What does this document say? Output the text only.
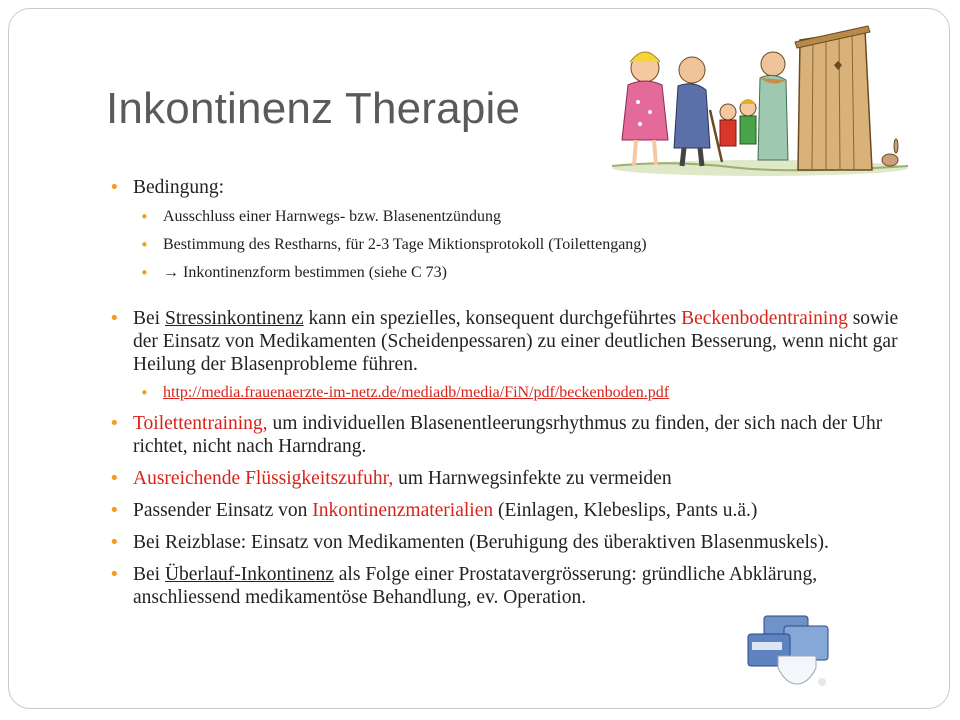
Inkontinenz Therapie
• Bedingung:
• Ausschluss einer Harnwegs- bzw. Blasenentzündung
• Bestimmung des Restharns, für 2-3 Tage Miktionsprotokoll (Toilettengang)
• → Inkontinenzform bestimmen (siehe C 73)
• Bei Stressinkontinenz kann ein spezielles, konsequent durchgeführtes Beckenbodentraining sowie der Einsatz von Medikamenten (Scheidenpessaren) zu einer deutlichen Besserung, wenn nicht gar Heilung der Blasenprobleme führen.
• http://media.frauenaerzte-im-netz.de/mediadb/media/FiN/pdf/beckenboden.pdf
• Toilettentraining, um individuellen Blasenentleerungsrhythmus zu finden, der sich nach der Uhr richtet, nicht nach Harndrang.
• Ausreichende Flüssigkeitszufuhr, um Harnwegsinfekte zu vermeiden
• Passender Einsatz von Inkontinenzmaterialien (Einlagen, Klebeslips, Pants u.ä.)
• Bei Reizblase: Einsatz von Medikamenten (Beruhigung des überaktiven Blasenmuskels).
• Bei Überlauf-Inkontinenz als Folge einer Prostatavergrösserung: gründliche Abklärung, anschliessend medikamentöse Behandlung, ev. Operation.
